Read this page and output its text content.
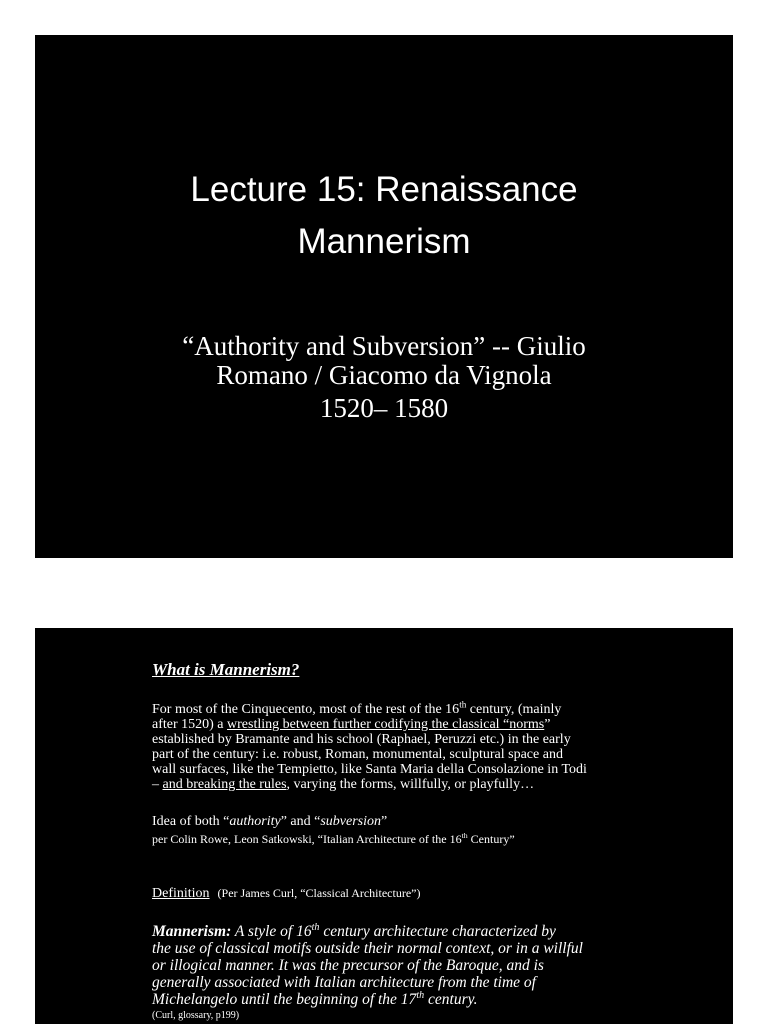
Lecture 15: Renaissance
Mannerism
“Authority and Subversion” -- Giulio
Romano / Giacomo da Vignola
1520– 1580
What is Mannerism?
For most of the Cinquecento, most of the rest of the 16th century, (mainly
after 1520) a wrestling between further codifying the classical “norms”
established by Bramante and his school (Raphael, Peruzzi etc.) in the early
part of the century: i.e. robust, Roman, monumental, sculptural space and
wall surfaces, like the Tempietto, like Santa Maria della Consolazione in Todi
– and breaking the rules, varying the forms, willfully, or playfully…
Idea of both “authority” and “subversion”
per Colin Rowe, Leon Satkowski, “Italian Architecture of the 16th Century”
Definition (Per James Curl, “Classical Architecture”)
Mannerism: A style of 16th century architecture characterized by
the use of classical motifs outside their normal context, or in a willful
or illogical manner. It was the precursor of the Baroque, and is
generally associated with Italian architecture from the time of
Michelangelo until the beginning of the 17th century.
(Curl, glossary, p199)
